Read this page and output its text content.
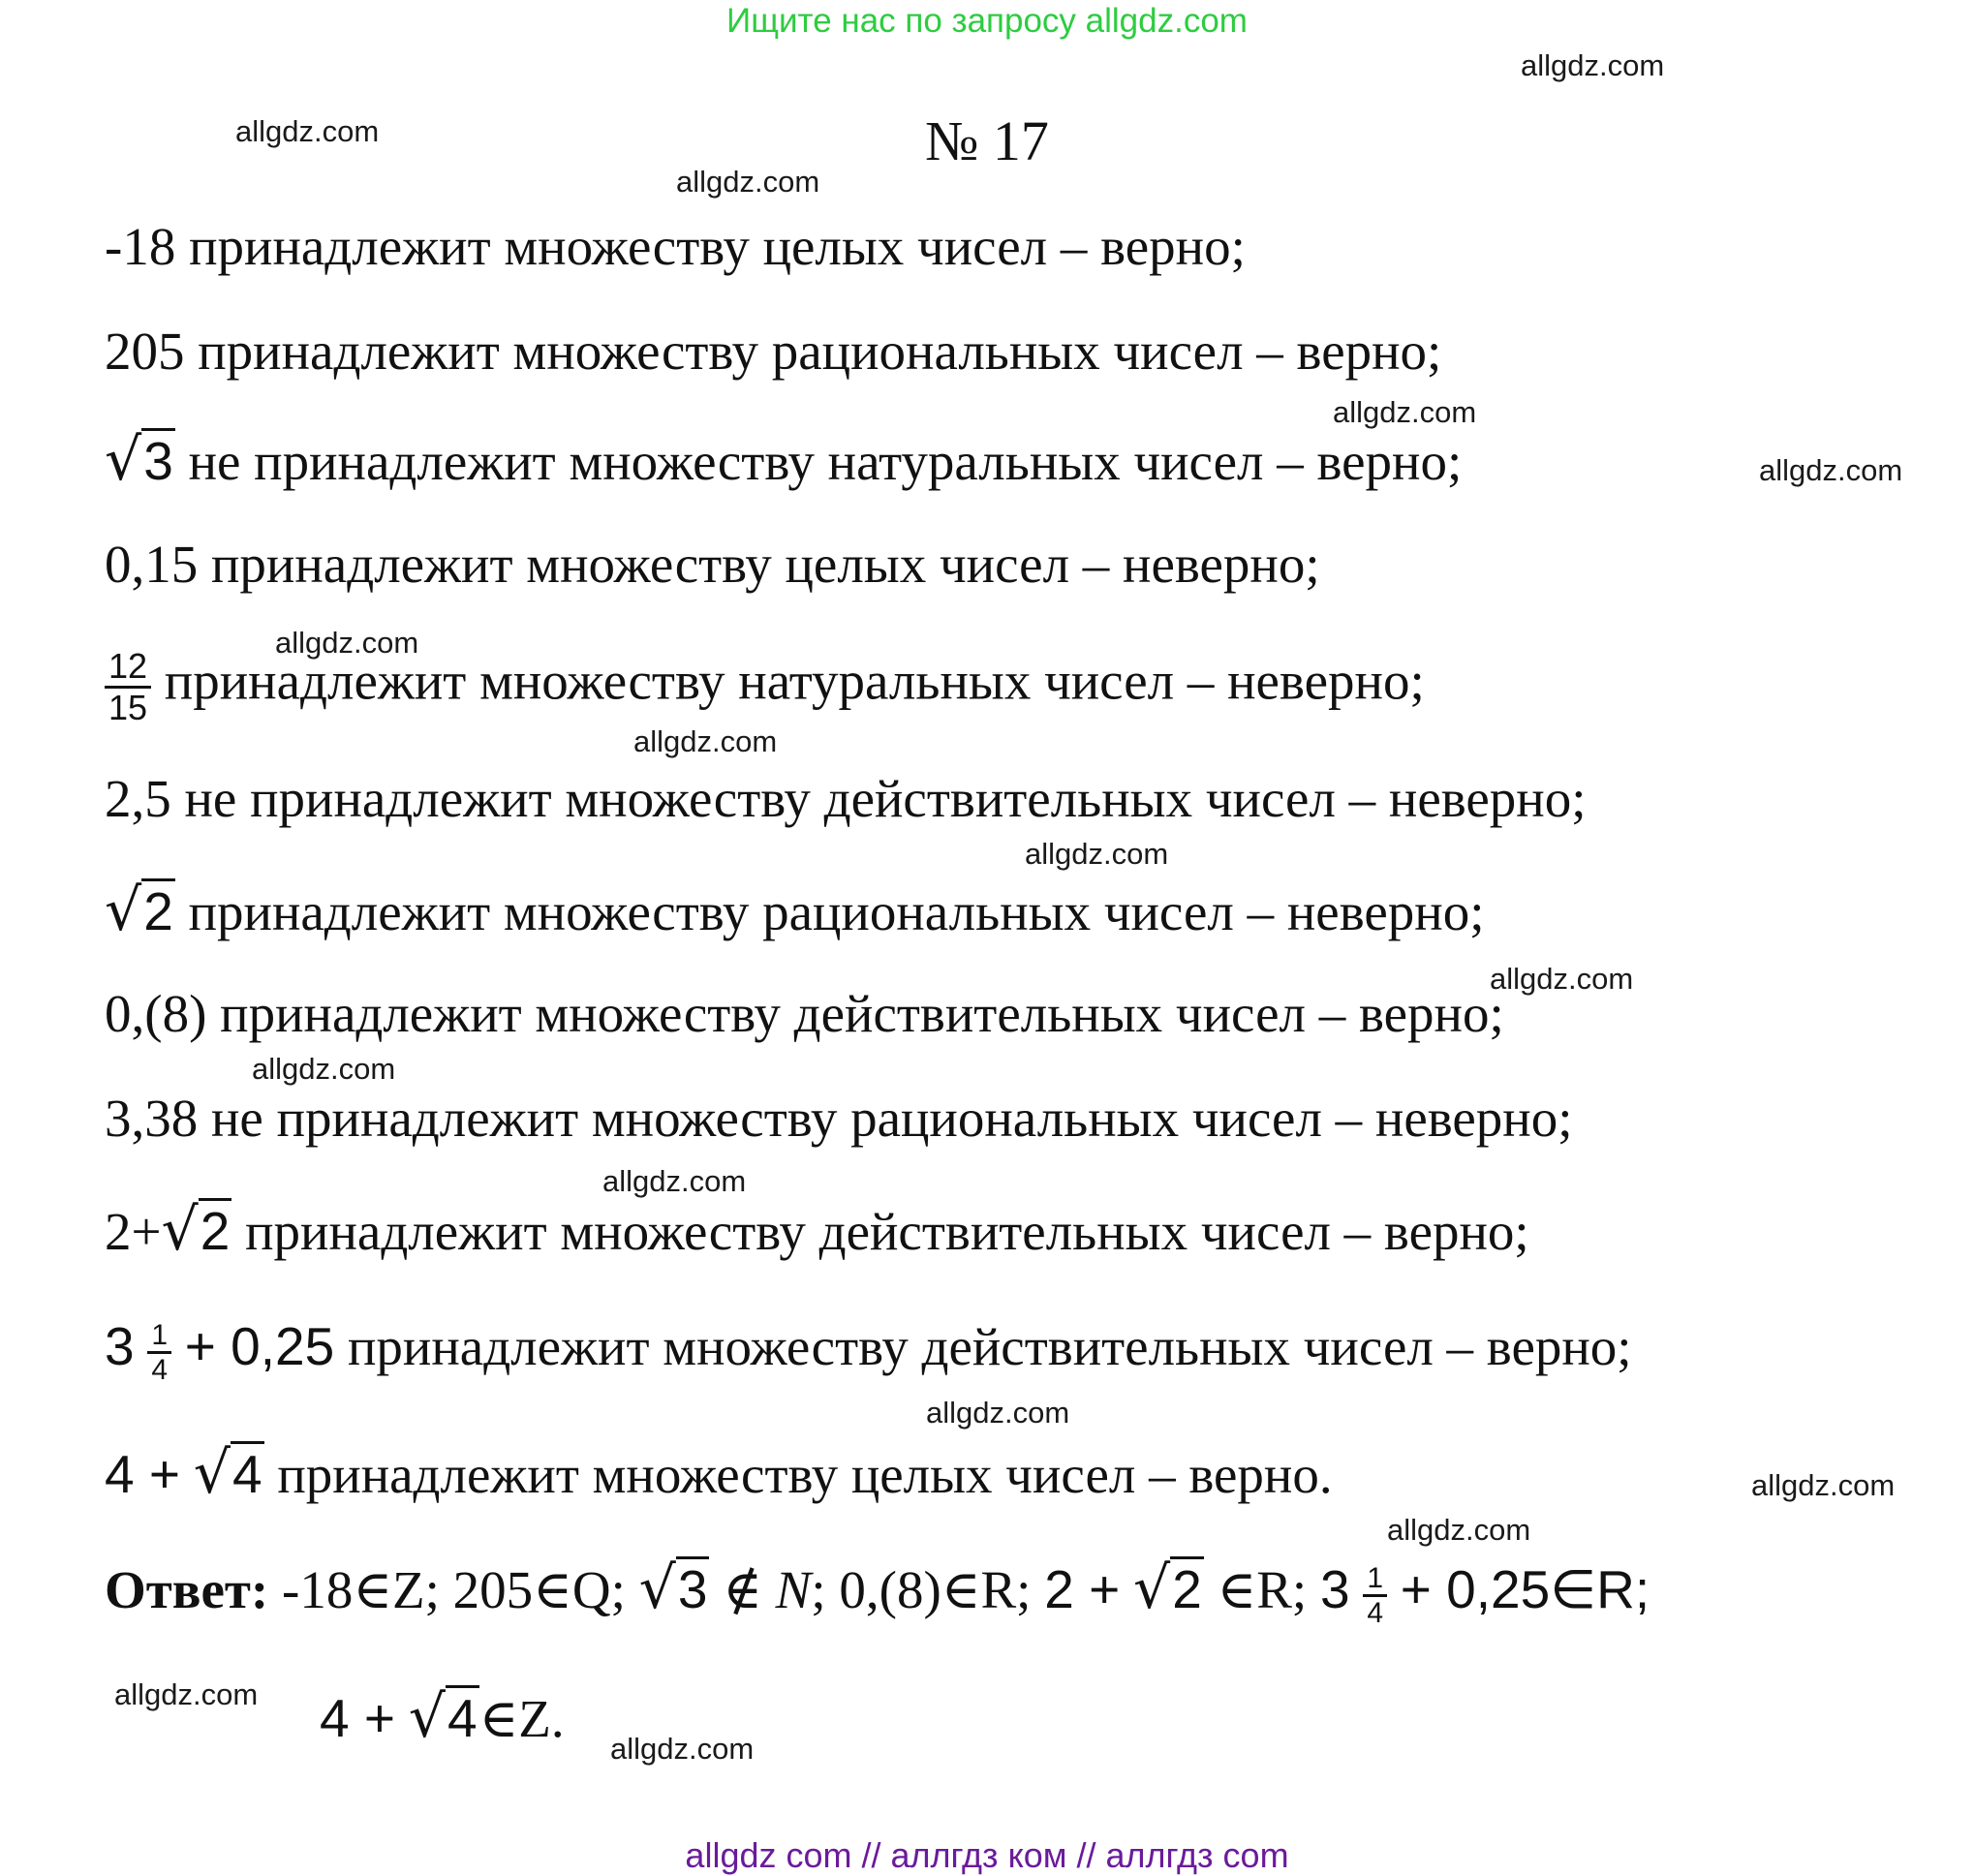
Ищите нас по запросу allgdz.com
allgdz.com
allgdz.com
allgdz.com
allgdz.com
allgdz.com
allgdz.com
allgdz.com
allgdz.com
allgdz.com
allgdz.com
allgdz.com
allgdz.com
allgdz.com
allgdz.com
allgdz.com
allgdz.com
№ 17
-18 принадлежит множеству целых чисел – верно;
205 принадлежит множеству рациональных чисел – верно;
√3 не принадлежит множеству натуральных чисел – верно;
0,15 принадлежит множеству целых чисел – неверно;
$\frac{12}{15}$ принадлежит множеству натуральных чисел – неверно;
2,5 не принадлежит множеству действительных чисел – неверно;
√2 принадлежит множеству рациональных чисел – неверно;
0,(8) принадлежит множеству действительных чисел – верно;
3,38 не принадлежит множеству рациональных чисел – неверно;
2+√2 принадлежит множеству действительных чисел – верно;
$3 \frac{1}{4} + 0,25$ принадлежит множеству действительных чисел – верно;
4 + √4 принадлежит множеству целых чисел – верно.
Ответ: -18∈Z; 205∈Q; √3 ∉ N; 0,(8)∈R; 2 + √2 ∈R; $3 \frac{1}{4}$ + 0,25∈R;
4 + √4∈Z.
allgdz com // аллгдз ком // аллгдз com
